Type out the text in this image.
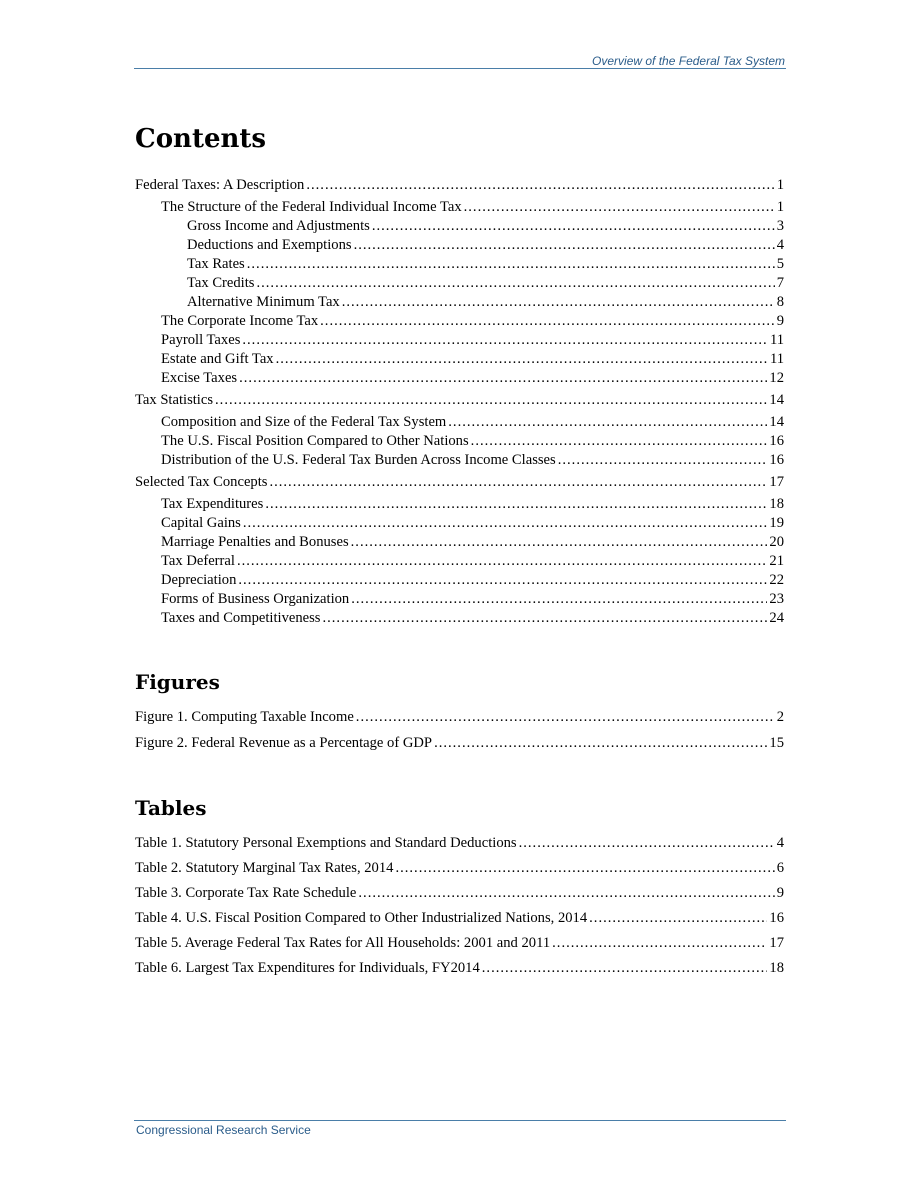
Overview of the Federal Tax System
Contents
Federal Taxes: A Description .....	1
The Structure of the Federal Individual Income Tax .....	1
Gross Income and Adjustments .....	3
Deductions and Exemptions .....	4
Tax Rates .....	5
Tax Credits .....	7
Alternative Minimum Tax .....	8
The Corporate Income Tax .....	9
Payroll Taxes .....	11
Estate and Gift Tax .....	11
Excise Taxes .....	12
Tax Statistics .....	14
Composition and Size of the Federal Tax System .....	14
The U.S. Fiscal Position Compared to Other Nations .....	16
Distribution of the U.S. Federal Tax Burden Across Income Classes .....	16
Selected Tax Concepts .....	17
Tax Expenditures .....	18
Capital Gains .....	19
Marriage Penalties and Bonuses .....	20
Tax Deferral .....	21
Depreciation .....	22
Forms of Business Organization .....	23
Taxes and Competitiveness .....	24
Figures
Figure 1. Computing Taxable Income .....	2
Figure 2. Federal Revenue as a Percentage of GDP .....	15
Tables
Table 1. Statutory Personal Exemptions and Standard Deductions .....	4
Table 2. Statutory Marginal Tax Rates, 2014 .....	6
Table 3. Corporate Tax Rate Schedule .....	9
Table 4. U.S. Fiscal Position Compared to Other Industrialized Nations, 2014 .....	16
Table 5. Average Federal Tax Rates for All Households: 2001 and 2011 .....	17
Table 6. Largest Tax Expenditures for Individuals, FY2014 .....	18
Congressional Research Service
